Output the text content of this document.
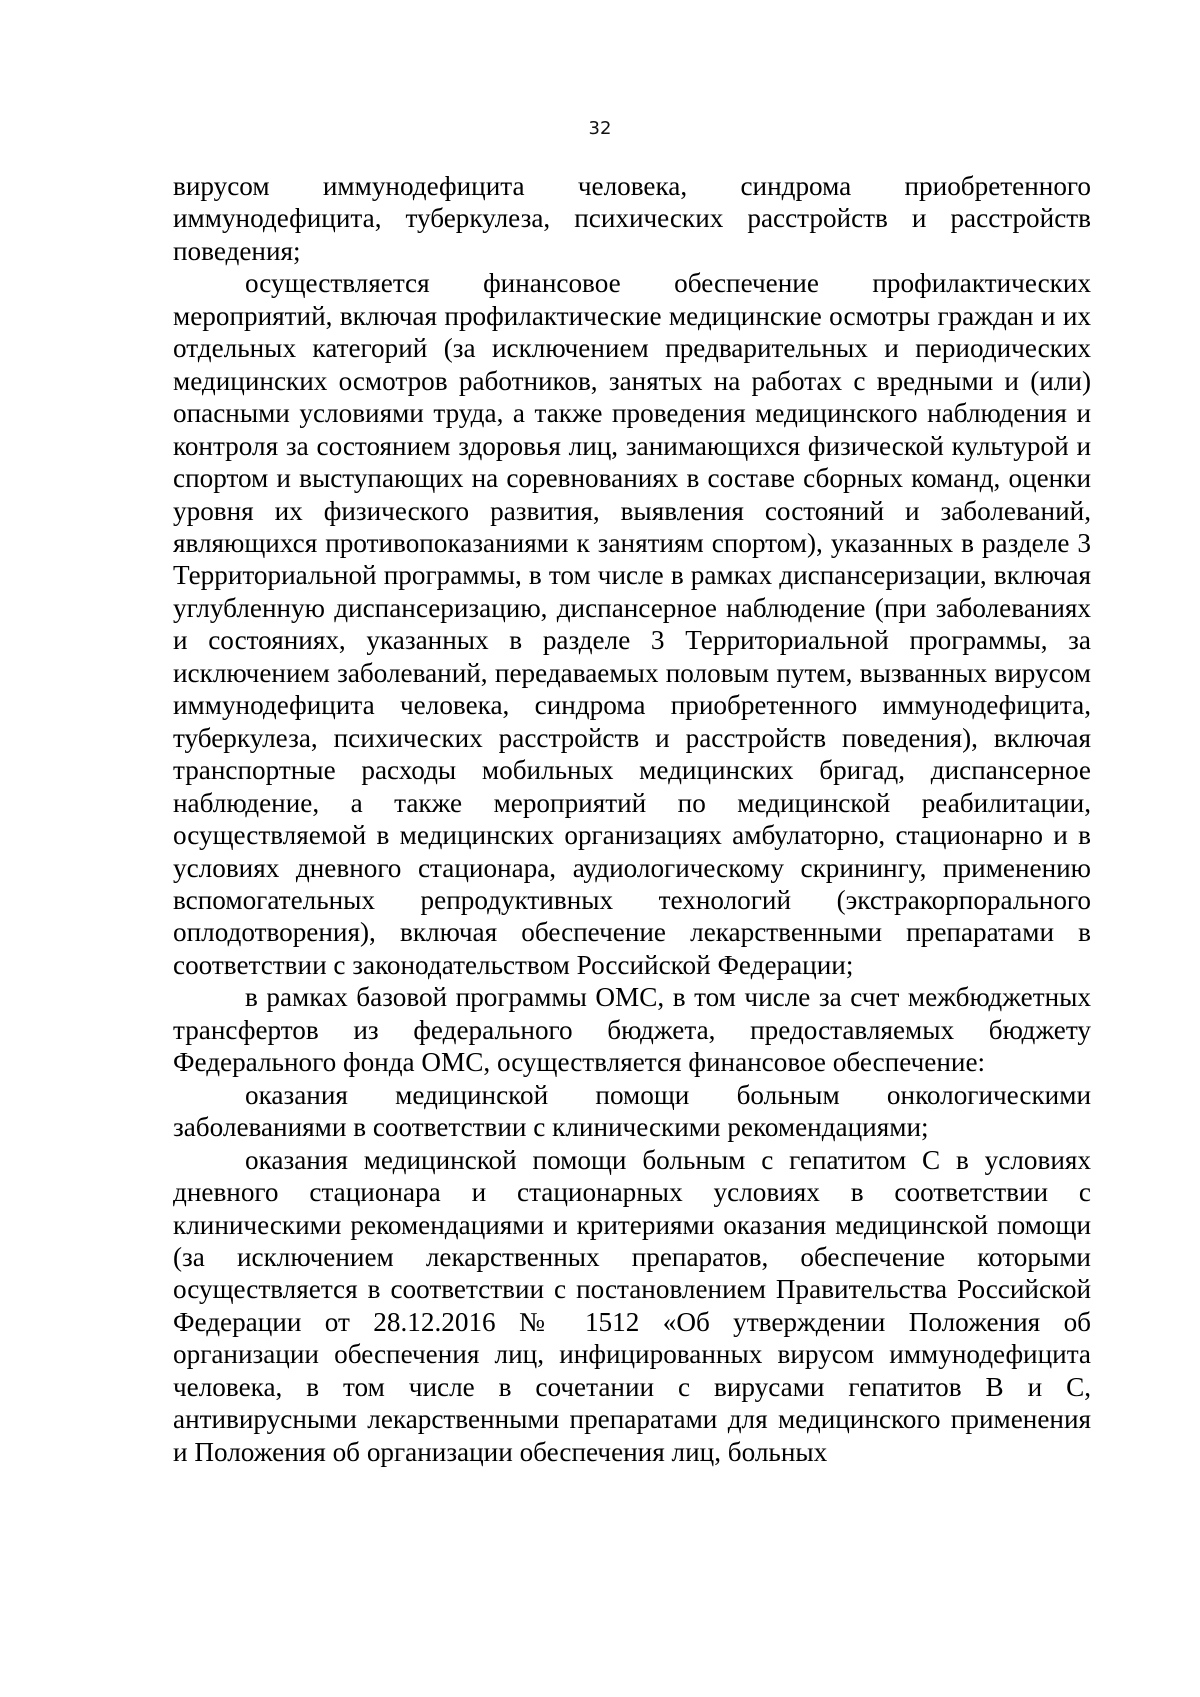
32

вирусом иммунодефицита человека, синдрома приобретенного иммунодефицита, туберкулеза, психических расстройств и расстройств поведения;

осуществляется финансовое обеспечение профилактических мероприятий, включая профилактические медицинские осмотры граждан и их отдельных категорий (за исключением предварительных и периодических медицинских осмотров работников, занятых на работах с вредными и (или) опасными условиями труда, а также проведения медицинского наблюдения и контроля за состоянием здоровья лиц, занимающихся физической культурой и спортом и выступающих на соревнованиях в составе сборных команд, оценки уровня их физического развития, выявления состояний и заболеваний, являющихся противопоказаниями к занятиям спортом), указанных в разделе 3 Территориальной программы, в том числе в рамках диспансеризации, включая углубленную диспансеризацию, диспансерное наблюдение (при заболеваниях и состояниях, указанных в разделе 3 Территориальной программы, за исключением заболеваний, передаваемых половым путем, вызванных вирусом иммунодефицита человека, синдрома приобретенного иммунодефицита, туберкулеза, психических расстройств и расстройств поведения), включая транспортные расходы мобильных медицинских бригад, диспансерное наблюдение, а также мероприятий по медицинской реабилитации, осуществляемой в медицинских организациях амбулаторно, стационарно и в условиях дневного стационара, аудиологическому скринингу, применению вспомогательных репродуктивных технологий (экстракорпорального оплодотворения), включая обеспечение лекарственными препаратами в соответствии с законодательством Российской Федерации;

в рамках базовой программы ОМС, в том числе за счет межбюджетных трансфертов из федерального бюджета, предоставляемых бюджету Федерального фонда ОМС, осуществляется финансовое обеспечение:

оказания медицинской помощи больным онкологическими заболеваниями в соответствии с клиническими рекомендациями;

оказания медицинской помощи больным с гепатитом С в условиях дневного стационара и стационарных условиях в соответствии с клиническими рекомендациями и критериями оказания медицинской помощи (за исключением лекарственных препаратов, обеспечение которыми осуществляется в соответствии с постановлением Правительства Российской Федерации от 28.12.2016 № 1512 «Об утверждении Положения об организации обеспечения лиц, инфицированных вирусом иммунодефицита человека, в том числе в сочетании с вирусами гепатитов В и С, антивирусными лекарственными препаратами для медицинского применения и Положения об организации обеспечения лиц, больных
